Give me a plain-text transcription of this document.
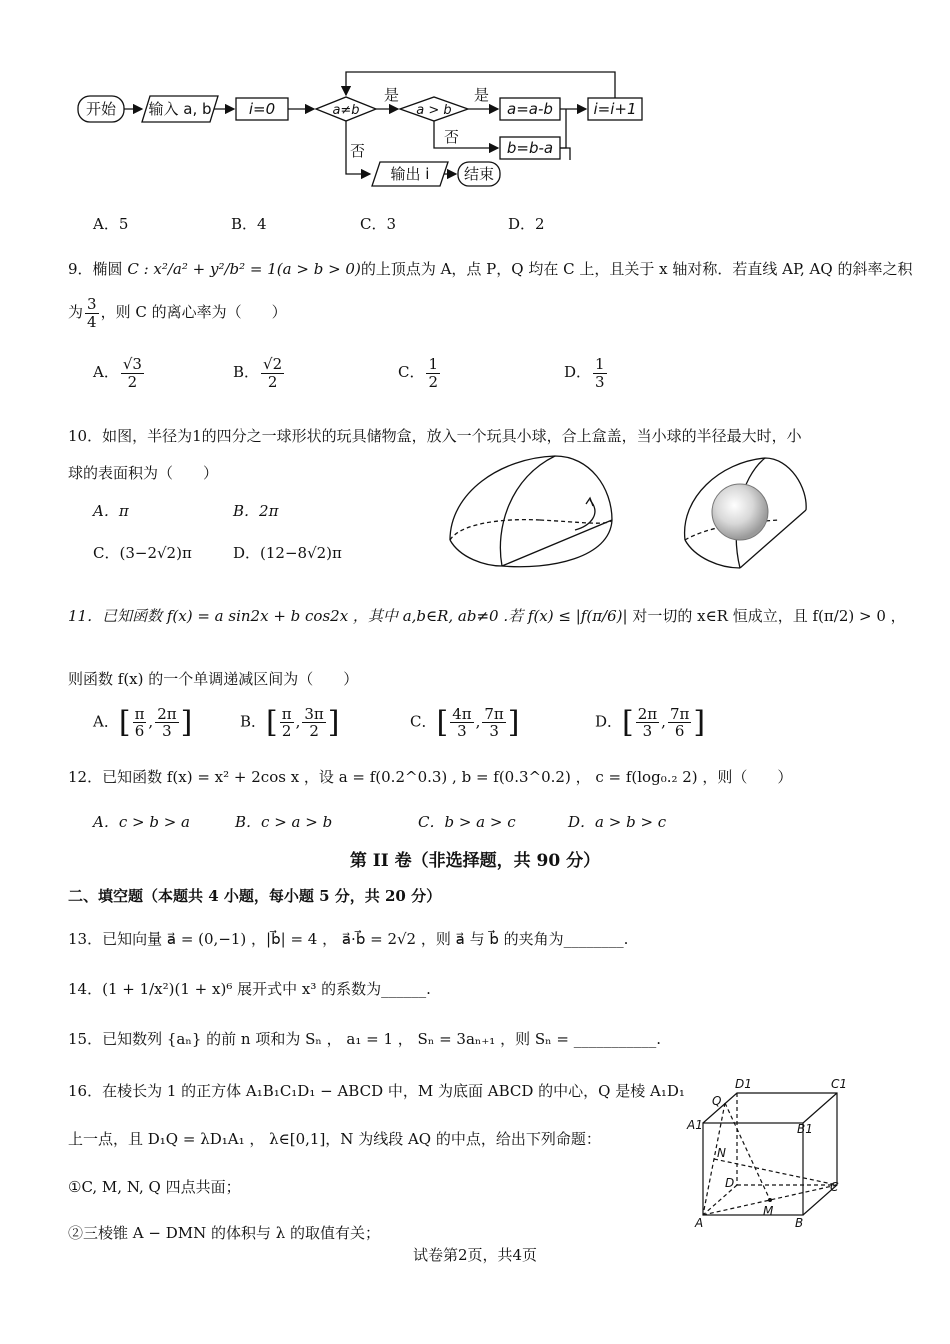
开始 输入 a, b i=0	a≠b
是
a > b
是
a=a-b	i=i+1
否
b=b-a
否
输出 i 结束
A．5	B．4	C．3	D．2
9．椭圆 C : x²/a² + y²/b² = 1(a > b > 0)的上顶点为 A，点 P，Q 均在 C 上，且关于 x 轴对称．若直线 AP, AQ 的斜率之积
为 $\frac{3}{4}$ ，则 C 的离心率为（　　）
A． $\frac{√3}{2}$	B． $\frac{√2}{2}$	C． $\frac{1}{2}$	D． $\frac{1}{3}$
10．如图，半径为1的四分之一球形状的玩具储物盒，放入一个玩具小球，合上盒盖，当小球的半径最大时，小
球的表面积为（　　）
A．π	B．2π
C．(3−2√2)π	D．(12−8√2)π
11．已知函数 f(x) = a sin2x + b cos2x ，其中 a,b∈R, ab≠0 .若 f(x) ≤ |f(π/6)| 对一切的 x∈R 恒成立，且 f(π/2) > 0 ，
则函数 f(x) 的一个单调递减区间为（　　）
A．[ $\frac{\pi}{6}$ , $\frac{2\pi}{3}$ ]	B．[ $\frac{\pi}{2}$ , $\frac{3\pi}{2}$ ]	C．[ $\frac{4\pi}{3}$ , $\frac{7\pi}{3}$ ]	D．[ $\frac{2\pi}{3}$ , $\frac{7\pi}{6}$ ]
12．已知函数 f(x) = x² + 2cos x ，设 a = f(0.2^0.3) , b = f(0.3^0.2) ， c = f(log₀.₂ 2) ，则（　　）
A．c > b > a	B．c > a > b	C．b > a > c	D．a > b > c
第 II 卷（非选择题，共 90 分）
二、填空题（本题共 4 小题，每小题 5 分，共 20 分）
13．已知向量 a⃗ = (0,−1) ，|b⃗| = 4 ， a⃗·b⃗ = 2√2 ，则 a⃗ 与 b⃗ 的夹角为________.
14．(1 + 1/x²)(1 + x)⁶ 展开式中 x³ 的系数为______.
15．已知数列 {aₙ} 的前 n 项和为 Sₙ ， a₁ = 1 ， Sₙ = 3aₙ₊₁ ，则 Sₙ = ___________.
16．在棱长为 1 的正方体 A₁B₁C₁D₁ − ABCD 中，M 为底面 ABCD 的中心，Q 是棱 A₁D₁
上一点，且 D₁Q = λD₁A₁ ， λ∈[0,1]，N 为线段 AQ 的中点，给出下列命题：
①C, M, N, Q 四点共面；
②三棱锥 A − DMN 的体积与 λ 的取值有关；
D1	C1
Q
A1	B1
N
D	C
M
A	B
试卷第2页，共4页
